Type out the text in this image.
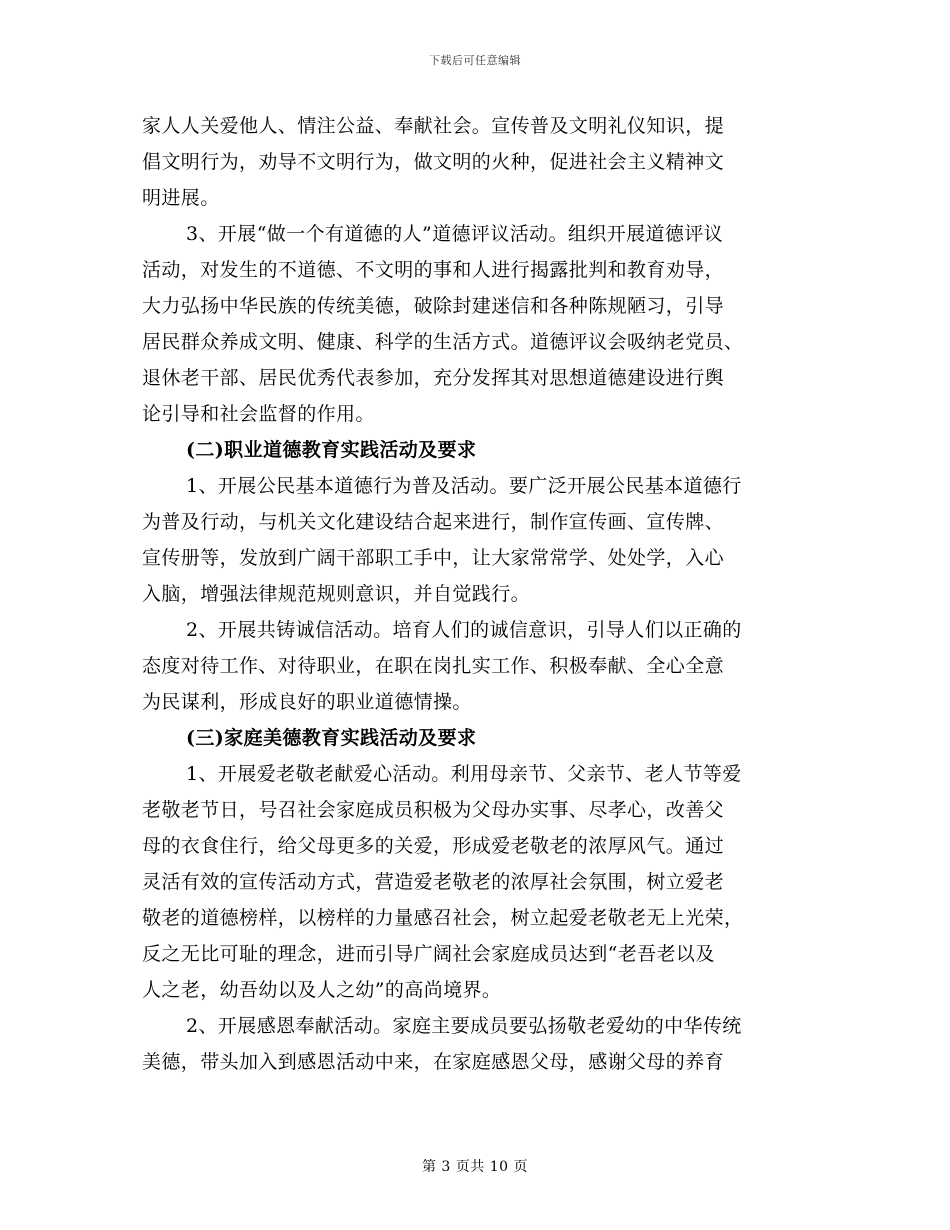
下载后可任意编辑
家人人关爱他人、情注公益、奉献社会。宣传普及文明礼仪知识，提
倡文明行为，劝导不文明行为，做文明的火种，促进社会主义精神文
明进展。
3、开展“做一个有道德的人”道德评议活动。组织开展道德评议
活动，对发生的不道德、不文明的事和人进行揭露批判和教育劝导，
大力弘扬中华民族的传统美德，破除封建迷信和各种陈规陋习，引导
居民群众养成文明、健康、科学的生活方式。道德评议会吸纳老党员、
退休老干部、居民优秀代表参加，充分发挥其对思想道德建设进行舆
论引导和社会监督的作用。
(二)职业道德教育实践活动及要求
1、开展公民基本道德行为普及活动。要广泛开展公民基本道德行
为普及行动，与机关文化建设结合起来进行，制作宣传画、宣传牌、
宣传册等，发放到广阔干部职工手中，让大家常常学、处处学，入心
入脑，增强法律规范规则意识，并自觉践行。
2、开展共铸诚信活动。培育人们的诚信意识，引导人们以正确的
态度对待工作、对待职业，在职在岗扎实工作、积极奉献、全心全意
为民谋利，形成良好的职业道德情操。
(三)家庭美德教育实践活动及要求
1、开展爱老敬老献爱心活动。利用母亲节、父亲节、老人节等爱
老敬老节日，号召社会家庭成员积极为父母办实事、尽孝心，改善父
母的衣食住行，给父母更多的关爱，形成爱老敬老的浓厚风气。通过
灵活有效的宣传活动方式，营造爱老敬老的浓厚社会氛围，树立爱老
敬老的道德榜样，以榜样的力量感召社会，树立起爱老敬老无上光荣，
反之无比可耻的理念，进而引导广阔社会家庭成员达到“老吾老以及
人之老，幼吾幼以及人之幼”的高尚境界。
2、开展感恩奉献活动。家庭主要成员要弘扬敬老爱幼的中华传统
美德，带头加入到感恩活动中来，在家庭感恩父母，感谢父母的养育
第 3 页共 10 页
